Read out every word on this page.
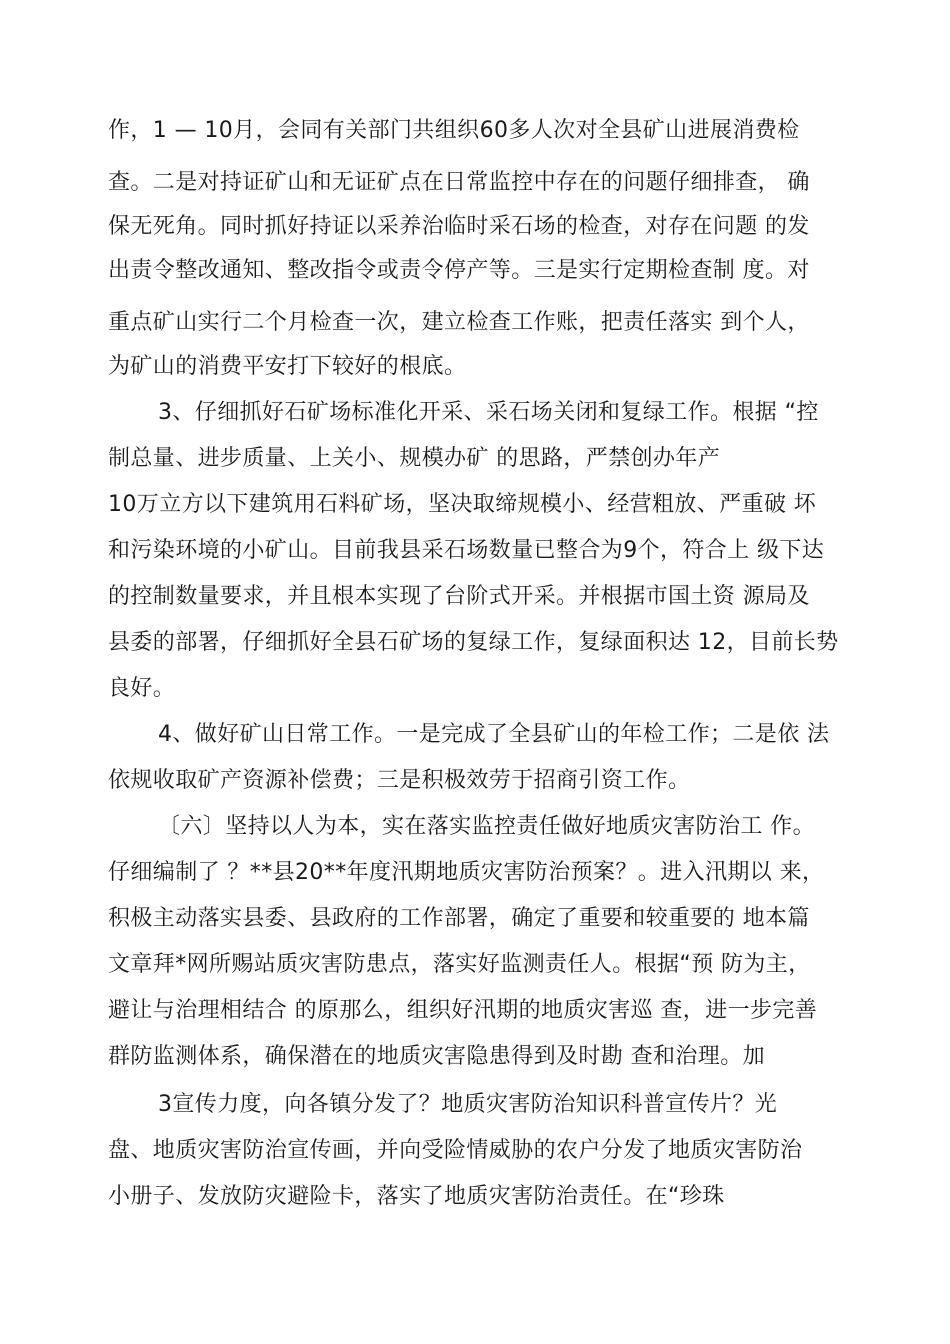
作，1 — 10月，会同有关部门共组织60多人次对全县矿山进展消费检
查。二是对持证矿山和无证矿点在日常监控中存在的问题仔细排查， 确
保无死角。同时抓好持证以采养治临时采石场的检查，对存在问题 的发
出责令整改通知、整改指令或责令停产等。三是实行定期检查制 度。对
重点矿山实行二个月检查一次，建立检查工作账，把责任落实 到个人，
为矿山的消费平安打下较好的根底。
3、仔细抓好石矿场标准化开采、采石场关闭和复绿工作。根据 “控
制总量、进步质量、上关小、规模办矿 的思路，严禁创办年产
10万立方以下建筑用石料矿场，坚决取缔规模小、经营粗放、严重破 坏
和污染环境的小矿山。目前我县采石场数量已整合为9个，符合上 级下达
的控制数量要求，并且根本实现了台阶式开采。并根据市国土资 源局及
县委的部署，仔细抓好全县石矿场的复绿工作，复绿面积达 12，目前长势
良好。
4、做好矿山日常工作。一是完成了全县矿山的年检工作；二是依 法
依规收取矿产资源补偿费；三是积极效劳于招商引资工作。
〔六〕坚持以人为本，实在落实监控责任做好地质灾害防治工 作。
仔细编制了 ？**县20**年度汛期地质灾害防治预案？。进入汛期以 来，
积极主动落实县委、县政府的工作部署，确定了重要和较重要的 地本篇
文章拜*网所赐站质灾害防患点，落实好监测责任人。根据“预 防为主，
避让与治理相结合 的原那么，组织好汛期的地质灾害巡 查，进一步完善
群防监测体系，确保潜在的地质灾害隐患得到及时勘 查和治理。加
3宣传力度，向各镇分发了？地质灾害防治知识科普宣传片？光
盘、地质灾害防治宣传画，并向受险情威胁的农户分发了地质灾害防治
小册子、发放防灾避险卡，落实了地质灾害防治责任。在“珍珠
